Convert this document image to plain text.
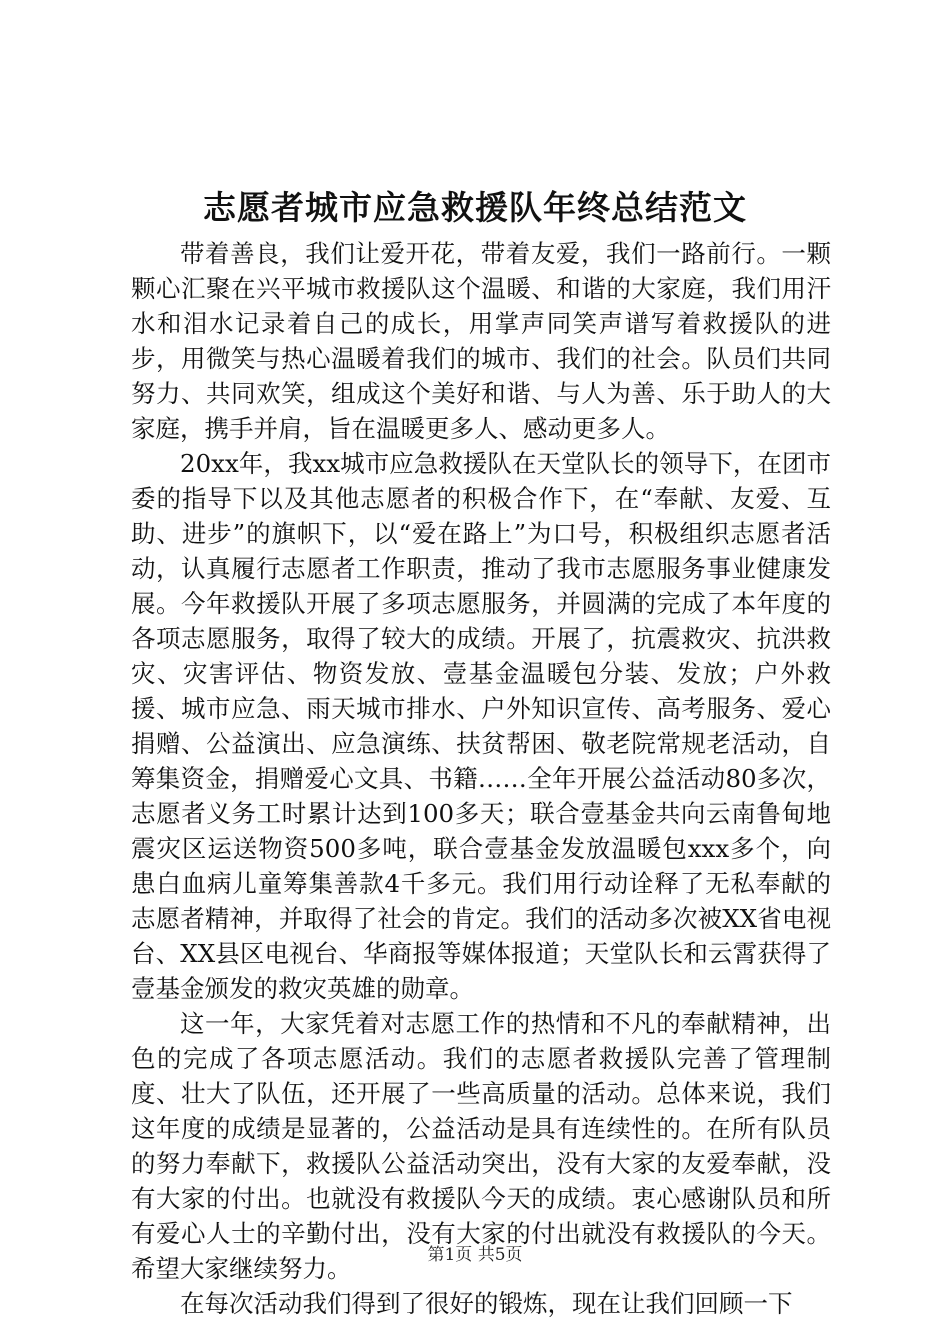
志愿者城市应急救援队年终总结范文

带着善良，我们让爱开花，带着友爱，我们一路前行。一颗颗心汇聚在兴平城市救援队这个温暖、和谐的大家庭，我们用汗水和泪水记录着自己的成长，用掌声同笑声谱写着救援队的进步，用微笑与热心温暖着我们的城市、我们的社会。队员们共同努力、共同欢笑，组成这个美好和谐、与人为善、乐于助人的大家庭，携手并肩，旨在温暖更多人、感动更多人。

20xx年，我xx城市应急救援队在天堂队长的领导下，在团市委的指导下以及其他志愿者的积极合作下，在“奉献、友爱、互助、进步”的旗帜下，以“爱在路上”为口号，积极组织志愿者活动，认真履行志愿者工作职责，推动了我市志愿服务事业健康发展。今年救援队开展了多项志愿服务，并圆满的完成了本年度的各项志愿服务，取得了较大的成绩。开展了，抗震救灾、抗洪救灾、灾害评估、物资发放、壹基金温暖包分装、发放；户外救援、城市应急、雨天城市排水、户外知识宣传、高考服务、爱心捐赠、公益演出、应急演练、扶贫帮困、敬老院常规老活动，自筹集资金，捐赠爱心文具、书籍……全年开展公益活动80多次，志愿者义务工时累计达到100多天；联合壹基金共向云南鲁甸地震灾区运送物资500多吨，联合壹基金发放温暖包xxx多个，向患白血病儿童筹集善款4千多元。我们用行动诠释了无私奉献的志愿者精神，并取得了社会的肯定。我们的活动多次被XX省电视台、XX县区电视台、华商报等媒体报道；天堂队长和云霄获得了壹基金颁发的救灾英雄的勋章。

这一年，大家凭着对志愿工作的热情和不凡的奉献精神，出色的完成了各项志愿活动。我们的志愿者救援队完善了管理制度、壮大了队伍，还开展了一些高质量的活动。总体来说，我们这年度的成绩是显著的，公益活动是具有连续性的。在所有队员的努力奉献下，救援队公益活动突出，没有大家的友爱奉献，没有大家的付出。也就没有救援队今天的成绩。衷心感谢队员和所有爱心人士的辛勤付出，没有大家的付出就没有救援队的今天。希望大家继续努力。

在每次活动我们得到了很好的锻炼，现在让我们回顾一下

第1页 共5页
